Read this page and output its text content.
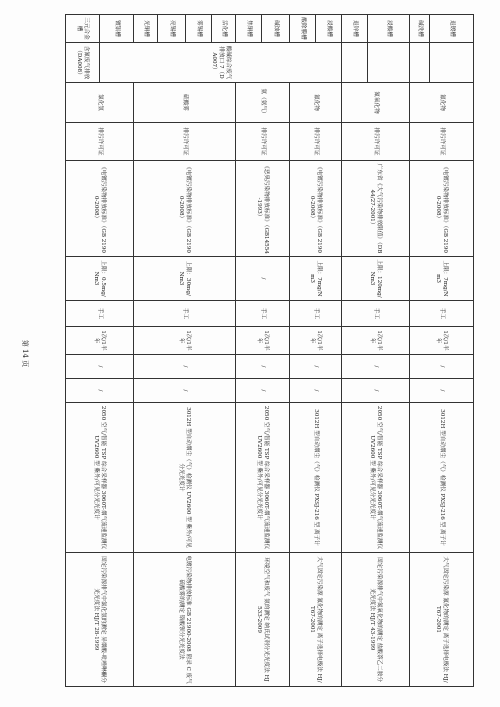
退镀槽		氟化物	排污许可证	《电镀污染物排放标准》（GB 21900-2008）	上限：7mg/Nm3	手工	1次/1半年	/	/	3012H 型自动烟尘（气）检测仪 PXSJ-216 型 离子计	大气固定污染源 氟化物的测定 离子选择电极法 HJ/T67-2001
碱洗槽											
浸酸槽		氮氧化物	排污许可证	广东省《大气污染物排放限值》（DB44/27-2001）	上限：120mg/Nm3	手工	1次/1半年	/	/	2050 空气/智能 TSP 综合采样器 3060T-烟气流速监测仪 UV2600 型 紫外/可见分光光度计	固定污染源排气中氮氧化物的测定 盐酸萘乙二胺分光光度法 HJ/T 43-1999
退锌槽											
浸酸槽	酸碱综合废气排放口 7（DA007）	氟化物	排污许可证	《电镀污染物排放标准》（GB 21900-2008）	上限：7mg/Nm3	手工	1次/1半年	/	/	3012H 型自动烟尘（气）检测仪 PXSJ-216 型 离子计	大气固定污染源 氟化物的测定 离子选择电极法 HJ/T67-2001
酸除膜槽											
碱蚀槽		氨（氨气）	排污许可证	《恶臭污染物排放标准》（GB14554-1993）	/	手工	1次/1半年	/	/	2050 空气/智能 TSP 综合采样器 3060T-烟气流速监测仪 UV2600 型 紫外/可见分光光度计	环境空气和废气 氨的测定 纳氏试剂分光光度法 HJ 533-2009
焦铜槽											
活化槽		硫酸雾	排污许可证	《电镀污染物排放标准》（GB 21900-2008）	上限：30mg/Nm3	手工	1次/1半年	/	/	3012H 型自动烟尘（气）检测仪 UV2600 型 紫外/可见分光光度计	电镀污染物排放标准 GB 21900-2008 附录 C 废气 硫酸雾的测定 铬酸钡分光光度法
雾锡槽											
亮锡槽											
光铜槽											
镀银槽		氯化氢	排污许可证	《电镀污染物排放标准》（GB 21900-2008）	上限：0.5mg/Nm3	手工	1次/1半年	/	/	2050 空气/智能 TSP 综合采样器 3060T-烟气流速监测仪 UV2600 型 紫外/可见分光光度计	固定污染源排气中氯化氢的测定 异烟酸-吡唑啉酮分光光度法 HJ/T 28-1999
三元合金槽	含氰废气排放（DA008）										
第 14 页
